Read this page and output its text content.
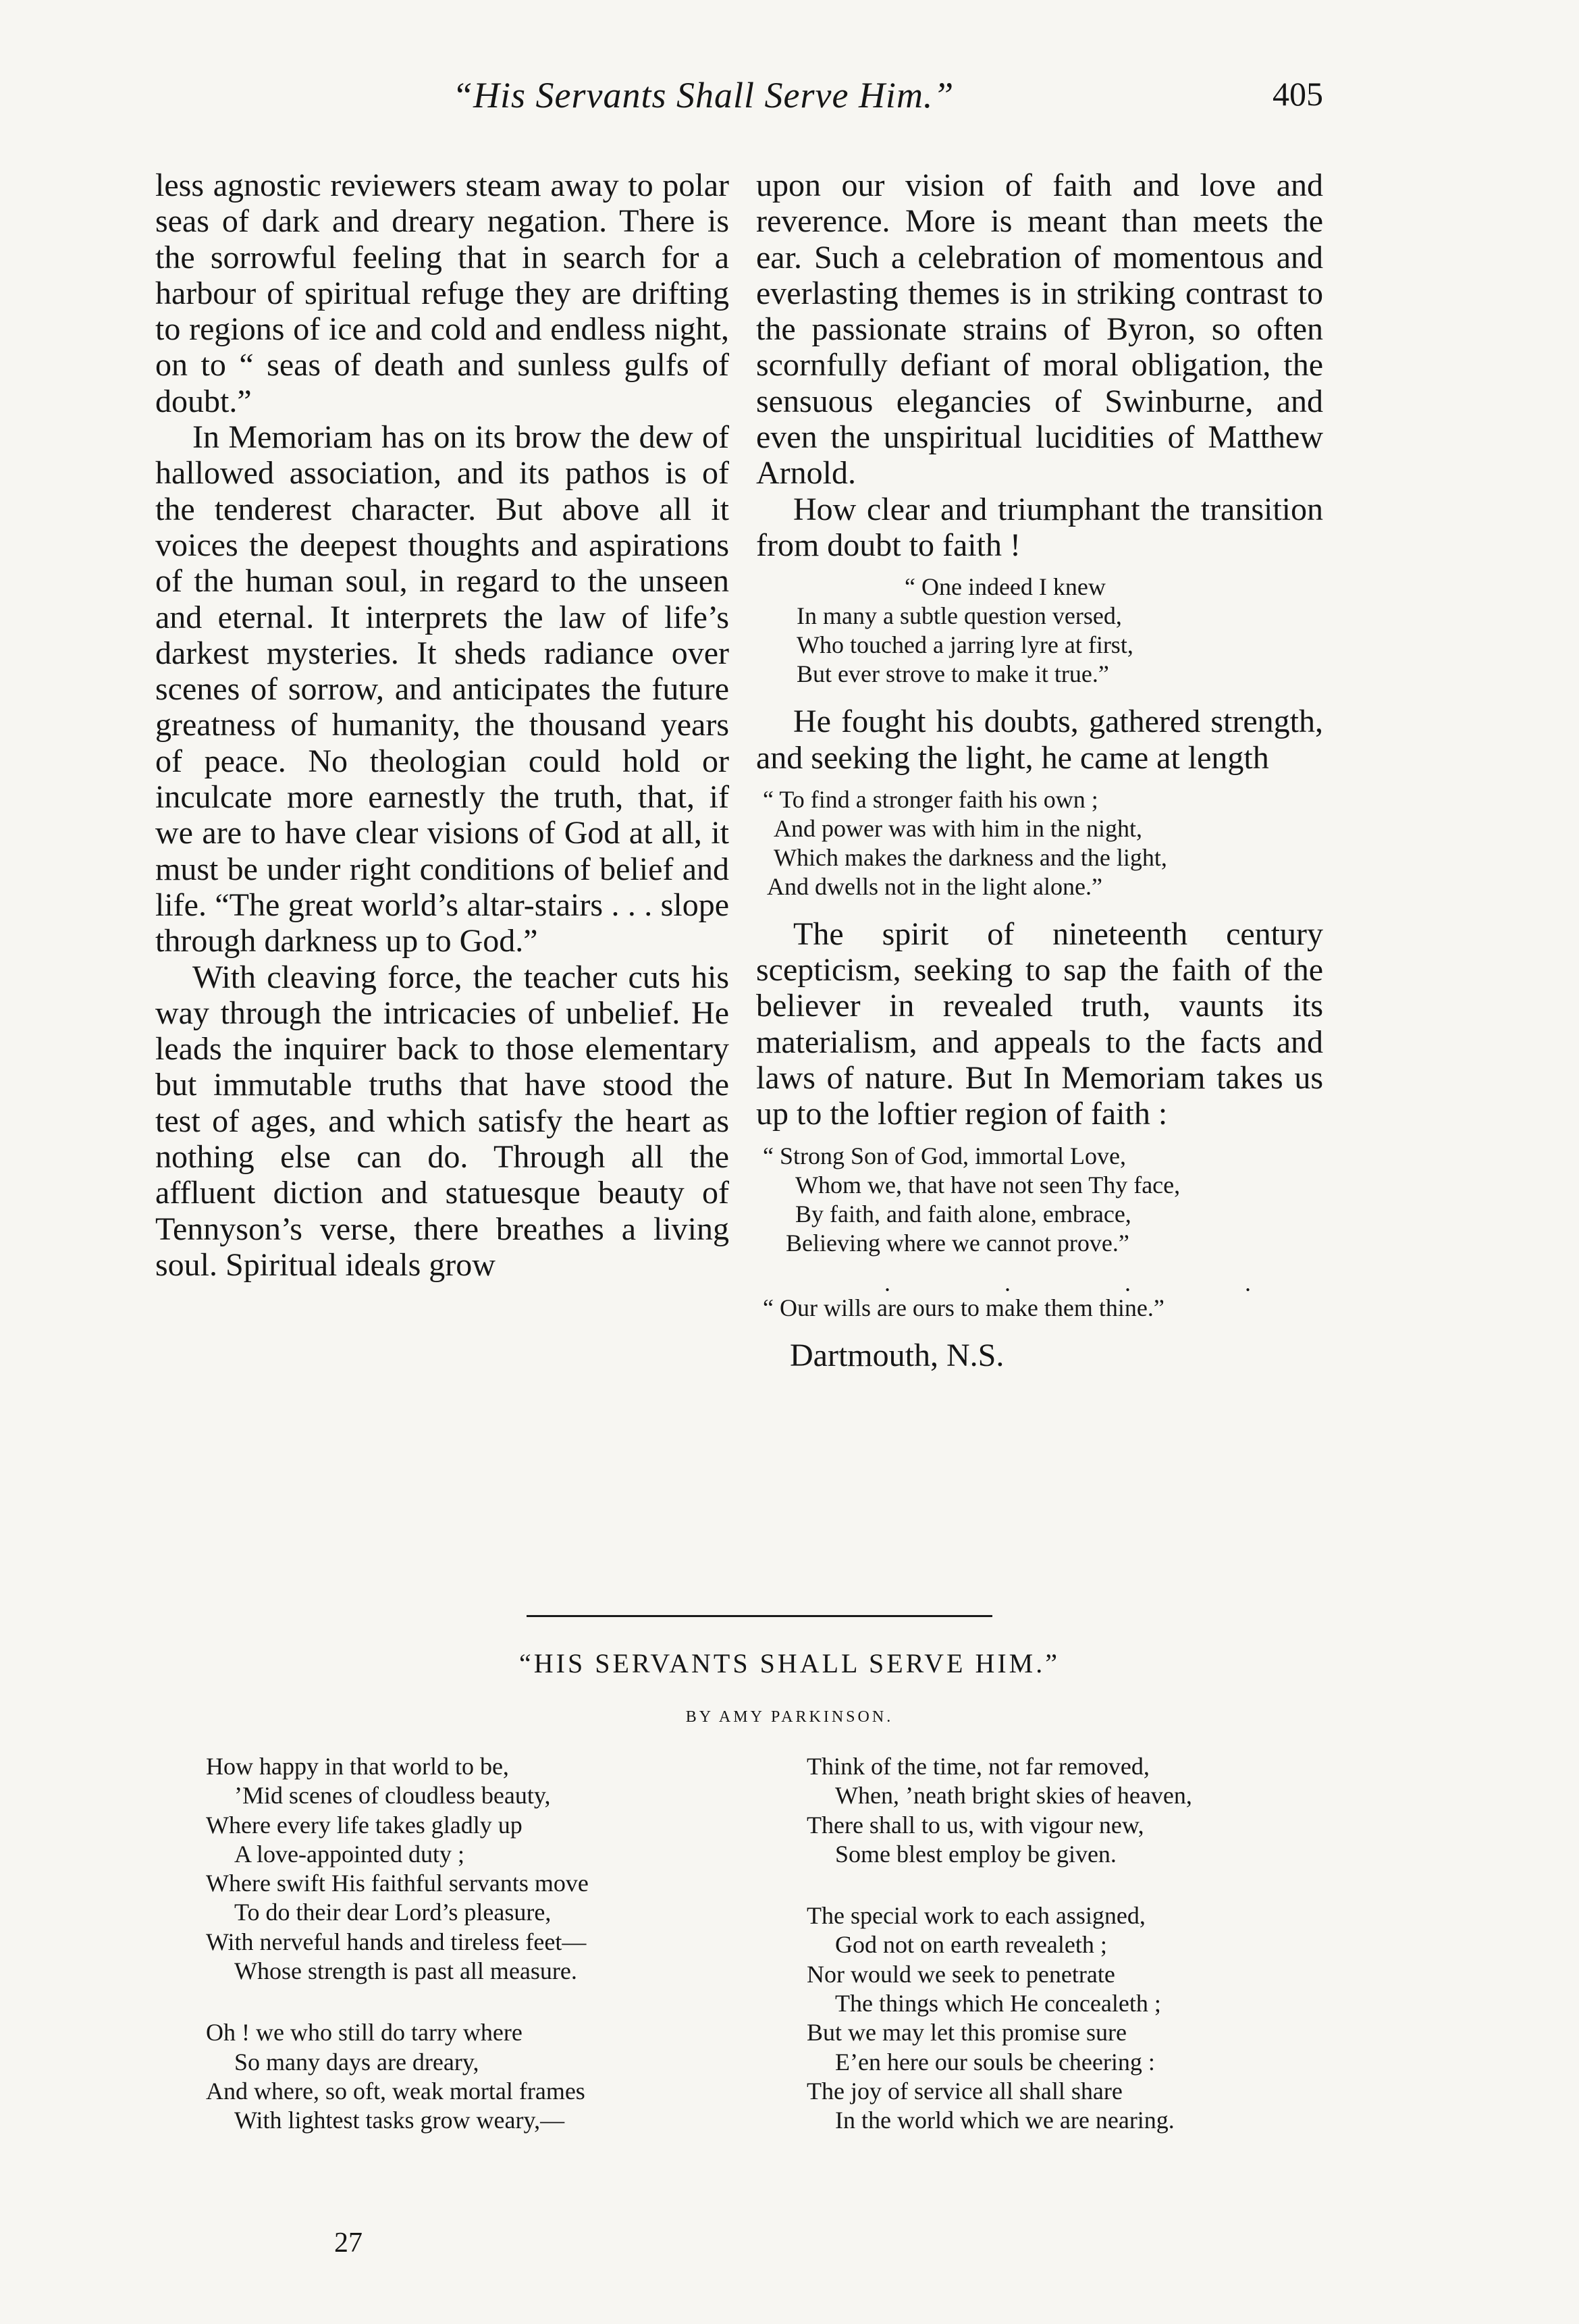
“His Servants Shall Serve Him.”	405

less agnostic reviewers steam away to polar seas of dark and dreary negation. There is the sorrowful feeling that in search for a harbour of spiritual refuge they are drifting to regions of ice and cold and endless night, on to “ seas of death and sunless gulfs of doubt.”

In Memoriam has on its brow the dew of hallowed association, and its pathos is of the tenderest character. But above all it voices the deepest thoughts and aspirations of the human soul, in regard to the unseen and eternal. It interprets the law of life’s darkest mysteries. It sheds radiance over scenes of sorrow, and anticipates the future greatness of humanity, the thousand years of peace. No theologian could hold or inculcate more earnestly the truth, that, if we are to have clear visions of God at all, it must be under right conditions of belief and life. “The great world’s altar-stairs . . . slope through darkness up to God.”

With cleaving force, the teacher cuts his way through the intricacies of unbelief. He leads the inquirer back to those elementary but immutable truths that have stood the test of ages, and which satisfy the heart as nothing else can do. Through all the affluent diction and statuesque beauty of Tennyson’s verse, there breathes a living soul. Spiritual ideals grow

upon our vision of faith and love and reverence. More is meant than meets the ear. Such a celebration of momentous and everlasting themes is in striking contrast to the passionate strains of Byron, so often scornfully defiant of moral obligation, the sensuous elegancies of Swinburne, and even the unspiritual lucidities of Matthew Arnold.

How clear and triumphant the transition from doubt to faith !

“ One indeed I knew
In many a subtle question versed,
Who touched a jarring lyre at first,
But ever strove to make it true.”

He fought his doubts, gathered strength, and seeking the light, he came at length

“ To find a stronger faith his own ;
And power was with him in the night,
Which makes the darkness and the light,
And dwells not in the light alone.”

The spirit of nineteenth century scepticism, seeking to sap the faith of the believer in revealed truth, vaunts its materialism, and appeals to the facts and laws of nature. But In Memoriam takes us up to the loftier region of faith :

“ Strong Son of God, immortal Love,
Whom we, that have not seen Thy face,
By faith, and faith alone, embrace,
Believing where we cannot prove.”
. . . .
“ Our wills are ours to make them thine.”
Dartmouth, N.S.
“HIS SERVANTS SHALL SERVE HIM.”
BY AMY PARKINSON.
How happy in that world to be,
’Mid scenes of cloudless beauty,
Where every life takes gladly up
A love-appointed duty ;
Where swift His faithful servants move
To do their dear Lord’s pleasure,
With nerveful hands and tireless feet—
Whose strength is past all measure.
Oh ! we who still do tarry where
So many days are dreary,
And where, so oft, weak mortal frames
With lightest tasks grow weary,—
Think of the time, not far removed,
When, ’neath bright skies of heaven,
There shall to us, with vigour new,
Some blest employ be given.
The special work to each assigned,
God not on earth revealeth ;
Nor would we seek to penetrate
The things which He concealeth ;
But we may let this promise sure
E’en here our souls be cheering :
The joy of service all shall share
In the world which we are nearing.
27
